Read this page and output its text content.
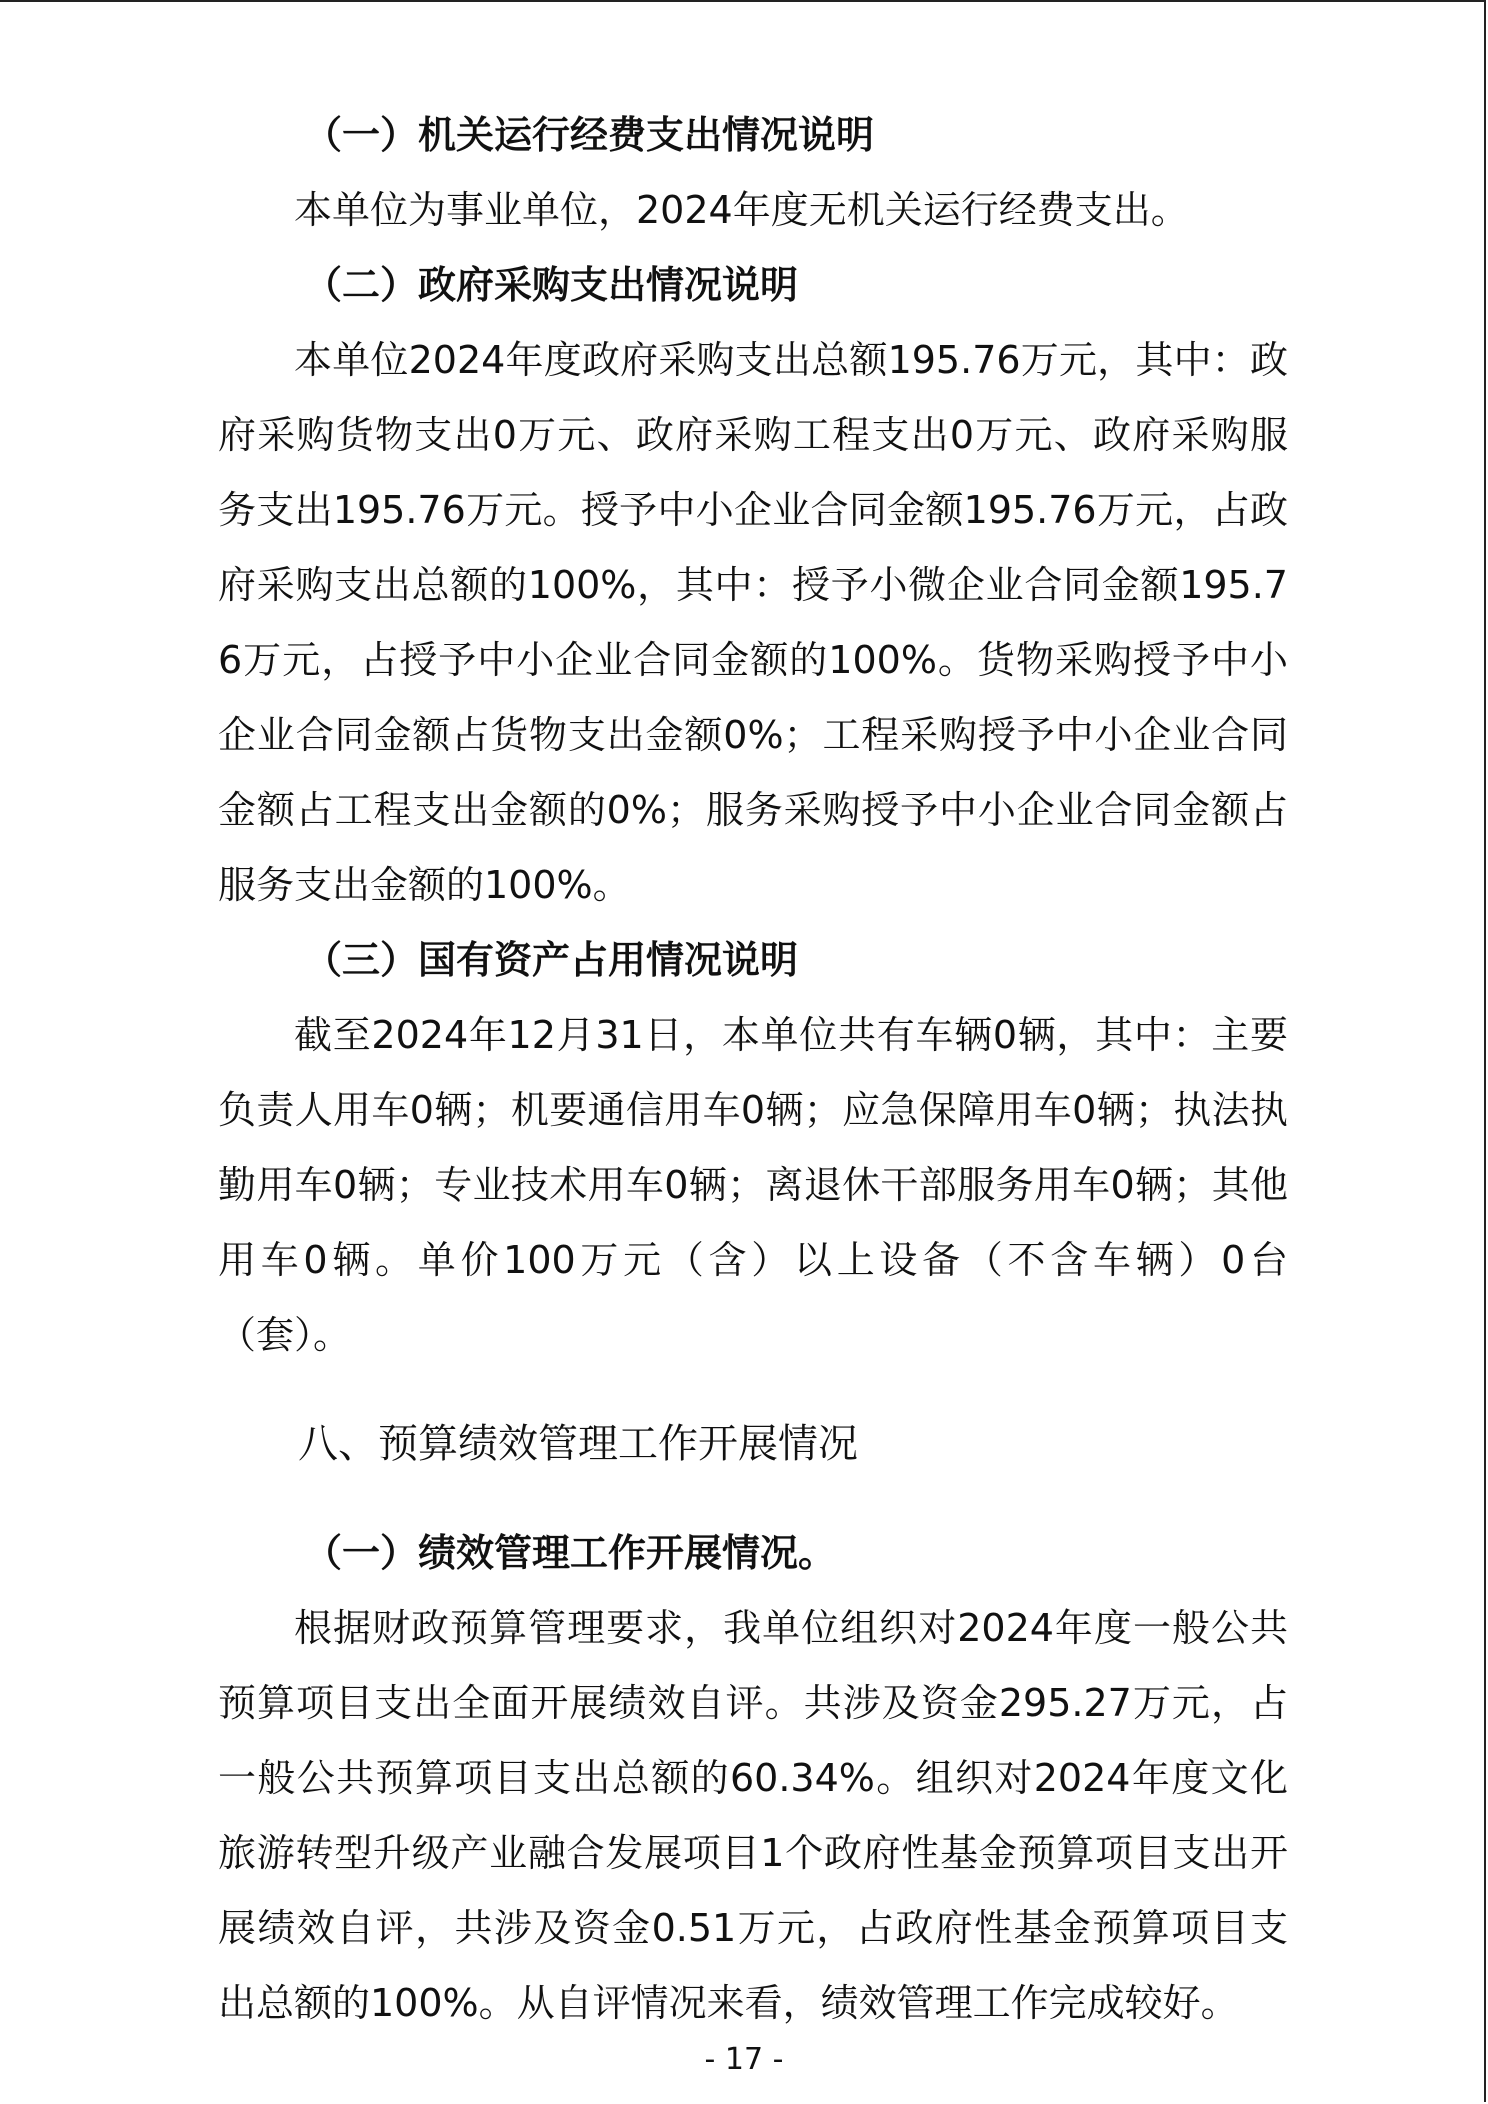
（一）机关运行经费支出情况说明

本单位为事业单位，2024年度无机关运行经费支出。

（二）政府采购支出情况说明

本单位2024年度政府采购支出总额195.76万元，其中：政府采购货物支出0万元、政府采购工程支出0万元、政府采购服务支出195.76万元。授予中小企业合同金额195.76万元，占政府采购支出总额的100%，其中：授予小微企业合同金额195.76万元，占授予中小企业合同金额的100%。货物采购授予中小企业合同金额占货物支出金额0%；工程采购授予中小企业合同金额占工程支出金额的0%；服务采购授予中小企业合同金额占服务支出金额的100%。

（三）国有资产占用情况说明

截至2024年12月31日，本单位共有车辆0辆，其中：主要负责人用车0辆；机要通信用车0辆；应急保障用车0辆；执法执勤用车0辆；专业技术用车0辆；离退休干部服务用车0辆；其他用车0辆。单价100万元（含）以上设备（不含车辆）0台（套）。

八、预算绩效管理工作开展情况
（一）绩效管理工作开展情况。

根据财政预算管理要求，我单位组织对2024年度一般公共预算项目支出全面开展绩效自评。共涉及资金295.27万元，占一般公共预算项目支出总额的60.34%。组织对2024年度文化旅游转型升级产业融合发展项目1个政府性基金预算项目支出开展绩效自评，共涉及资金0.51万元，占政府性基金预算项目支出总额的100%。从自评情况来看，绩效管理工作完成较好。

- 17 -
